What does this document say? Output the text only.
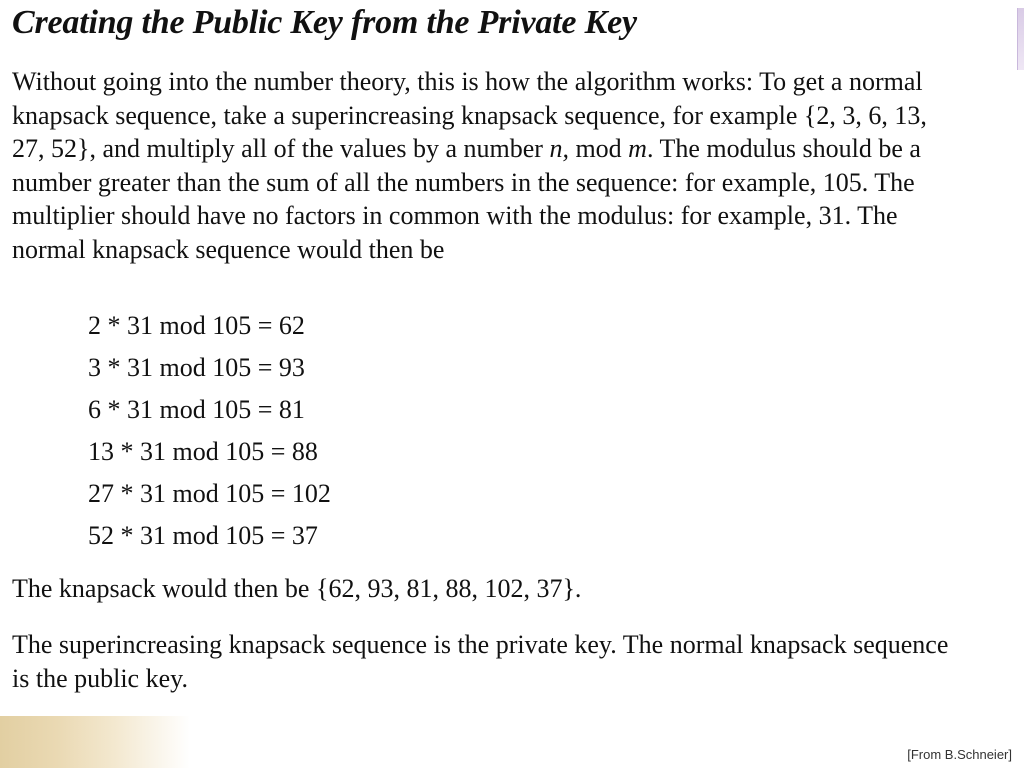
Creating the Public Key from the Private Key

Without going into the number theory, this is how the algorithm works: To get a normal knapsack sequence, take a superincreasing knapsack sequence, for example {2, 3, 6, 13, 27, 52}, and multiply all of the values by a number n, mod m. The modulus should be a number greater than the sum of all the numbers in the sequence: for example, 105. The multiplier should have no factors in common with the modulus: for example, 31. The normal knapsack sequence would then be

2 * 31 mod 105 = 62
3 * 31 mod 105 = 93
6 * 31 mod 105 = 81
13 * 31 mod 105 = 88
27 * 31 mod 105 = 102
52 * 31 mod 105 = 37

The knapsack would then be {62, 93, 81, 88, 102, 37}.

The superincreasing knapsack sequence is the private key. The normal knapsack sequence is the public key.

[From B.Schneier]
